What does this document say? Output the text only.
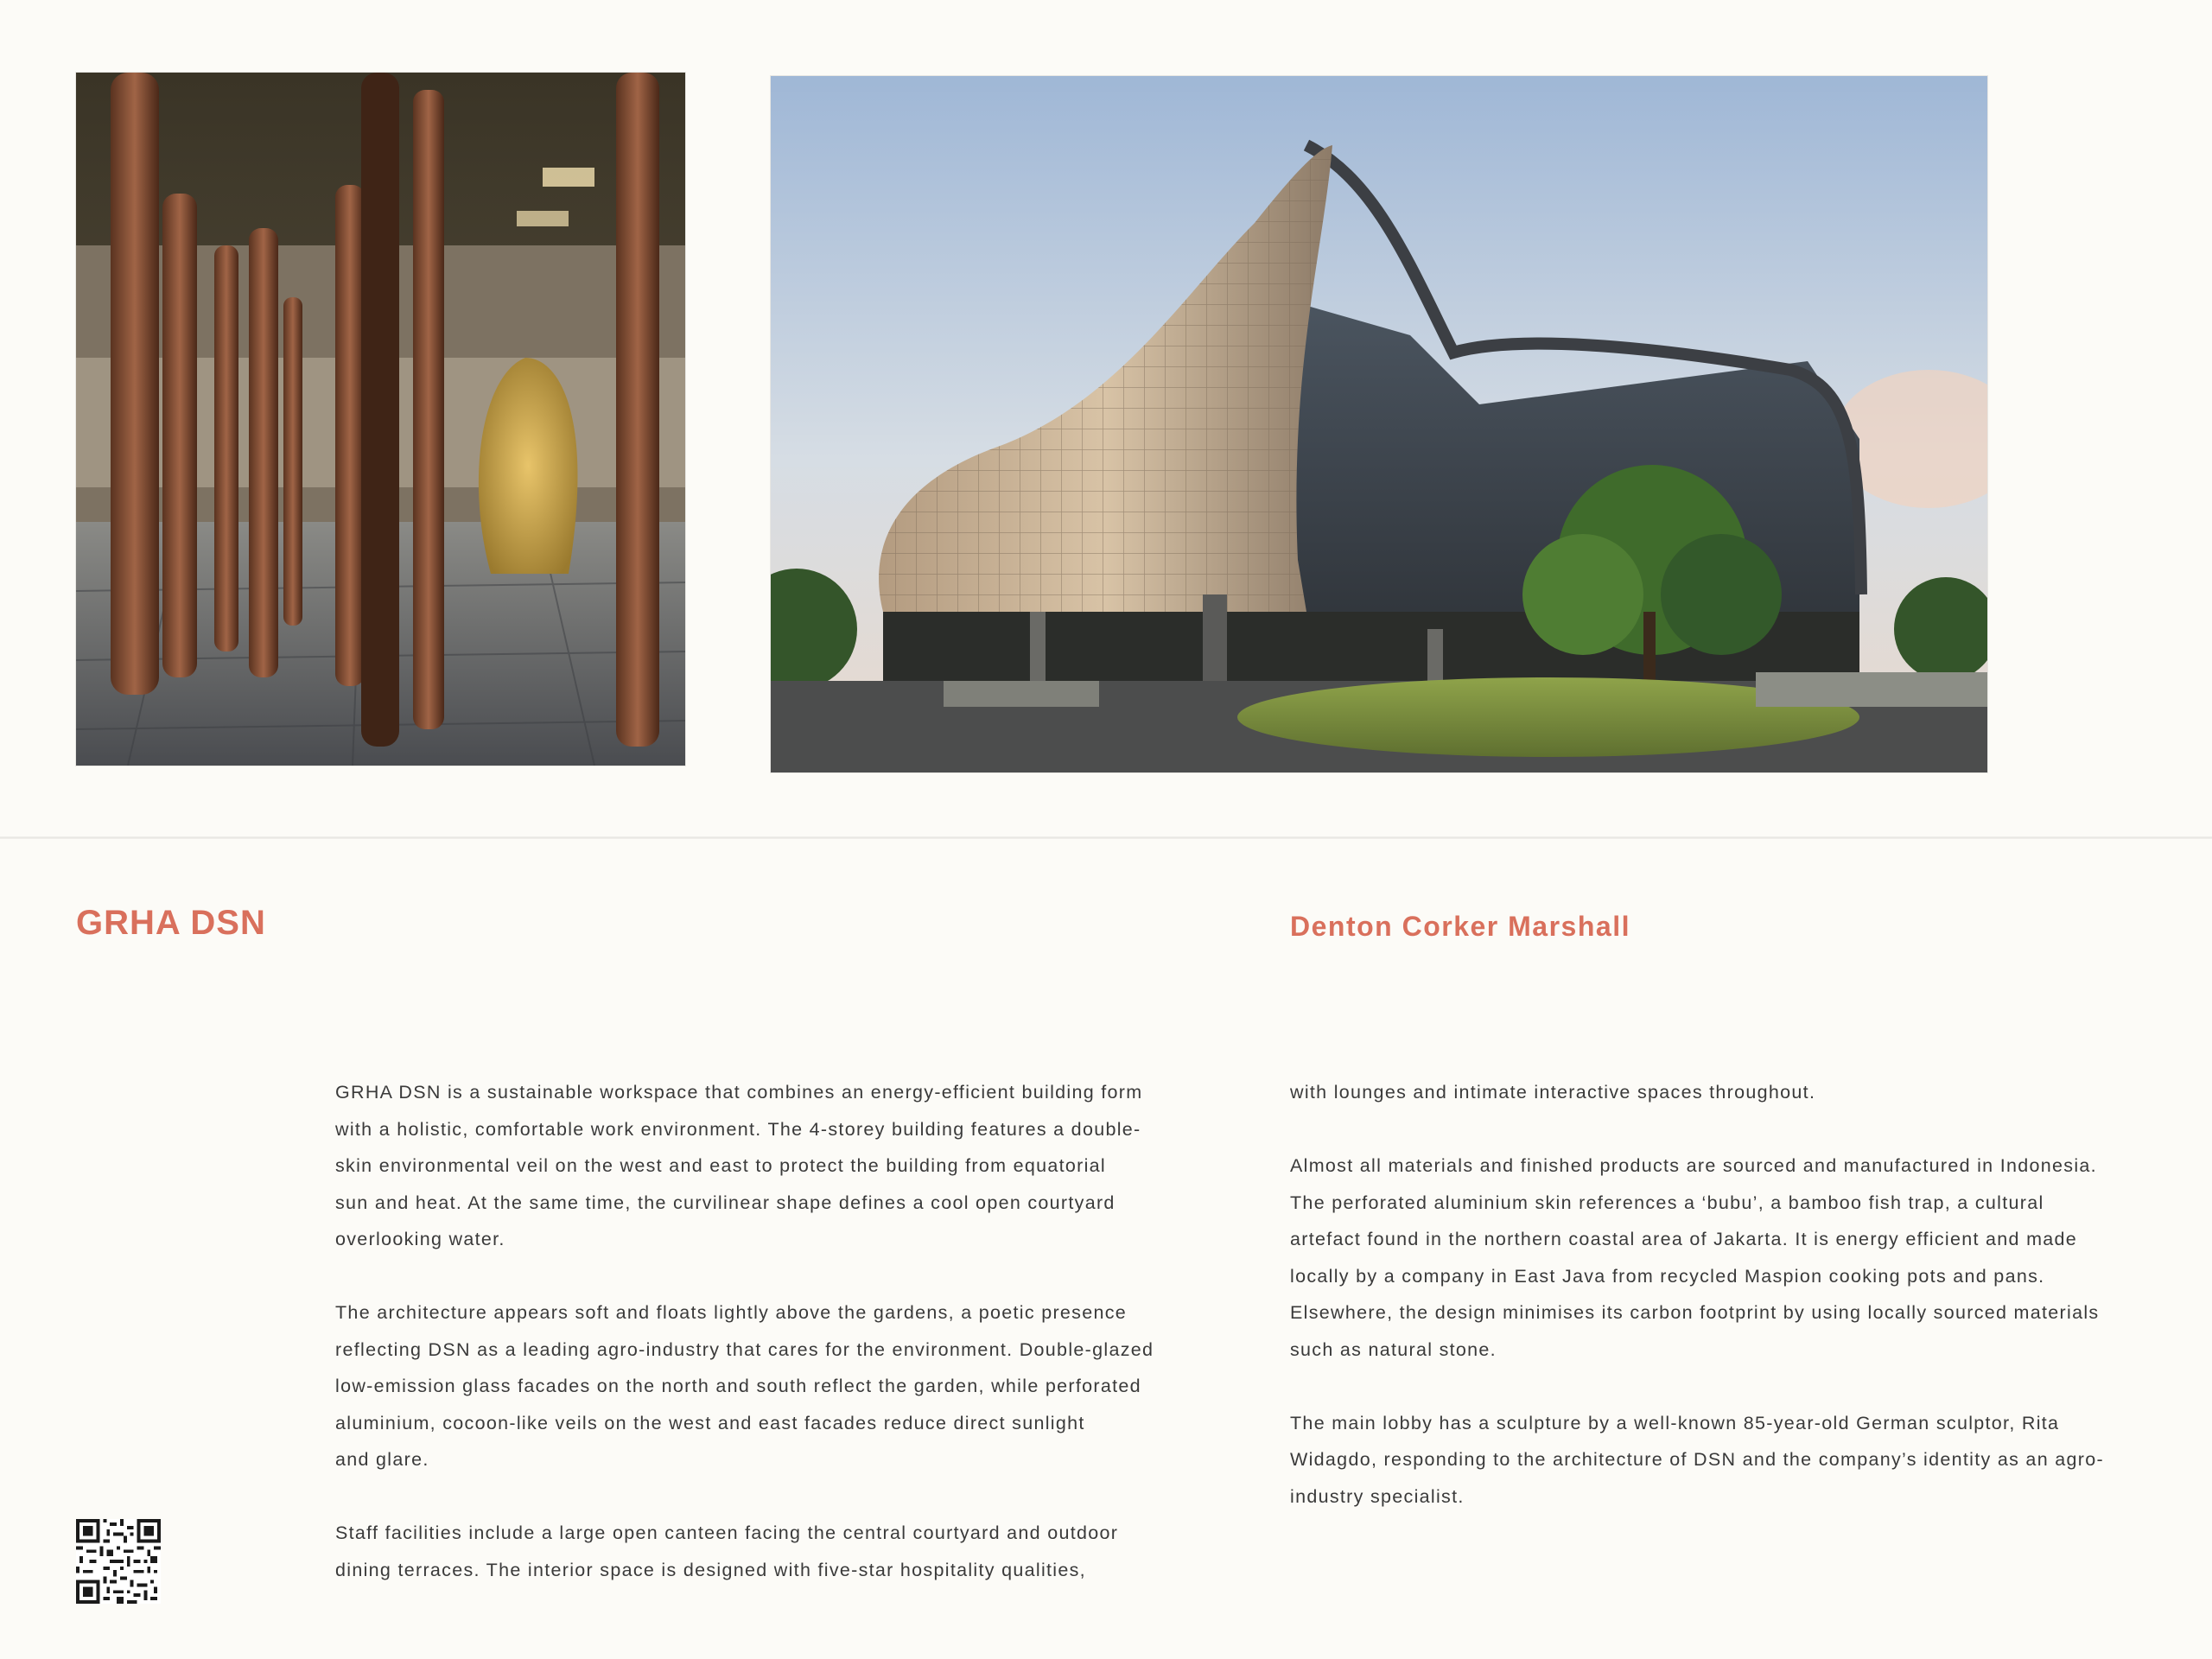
GRHA DSN	Denton Corker Marshall

GRHA DSN is a sustainable workspace that combines an energy-efficient building form
with a holistic, comfortable work environment. The 4-storey building features a double-
skin environmental veil on the west and east to protect the building from equatorial
sun and heat. At the same time, the curvilinear shape defines a cool open courtyard
overlooking water.

The architecture appears soft and floats lightly above the gardens, a poetic presence
reflecting DSN as a leading agro-industry that cares for the environment. Double-glazed
low-emission glass facades on the north and south reflect the garden, while perforated
aluminium, cocoon-like veils on the west and east facades reduce direct sunlight
and glare.

Staff facilities include a large open canteen facing the central courtyard and outdoor
dining terraces. The interior space is designed with five-star hospitality qualities,

with lounges and intimate interactive spaces throughout.

Almost all materials and finished products are sourced and manufactured in Indonesia.
The perforated aluminium skin references a ‘bubu’, a bamboo fish trap, a cultural
artefact found in the northern coastal area of Jakarta. It is energy efficient and made
locally by a company in East Java from recycled Maspion cooking pots and pans.
Elsewhere, the design minimises its carbon footprint by using locally sourced materials
such as natural stone.

The main lobby has a sculpture by a well-known 85-year-old German sculptor, Rita
Widagdo, responding to the architecture of DSN and the company’s identity as an agro-
industry specialist.
